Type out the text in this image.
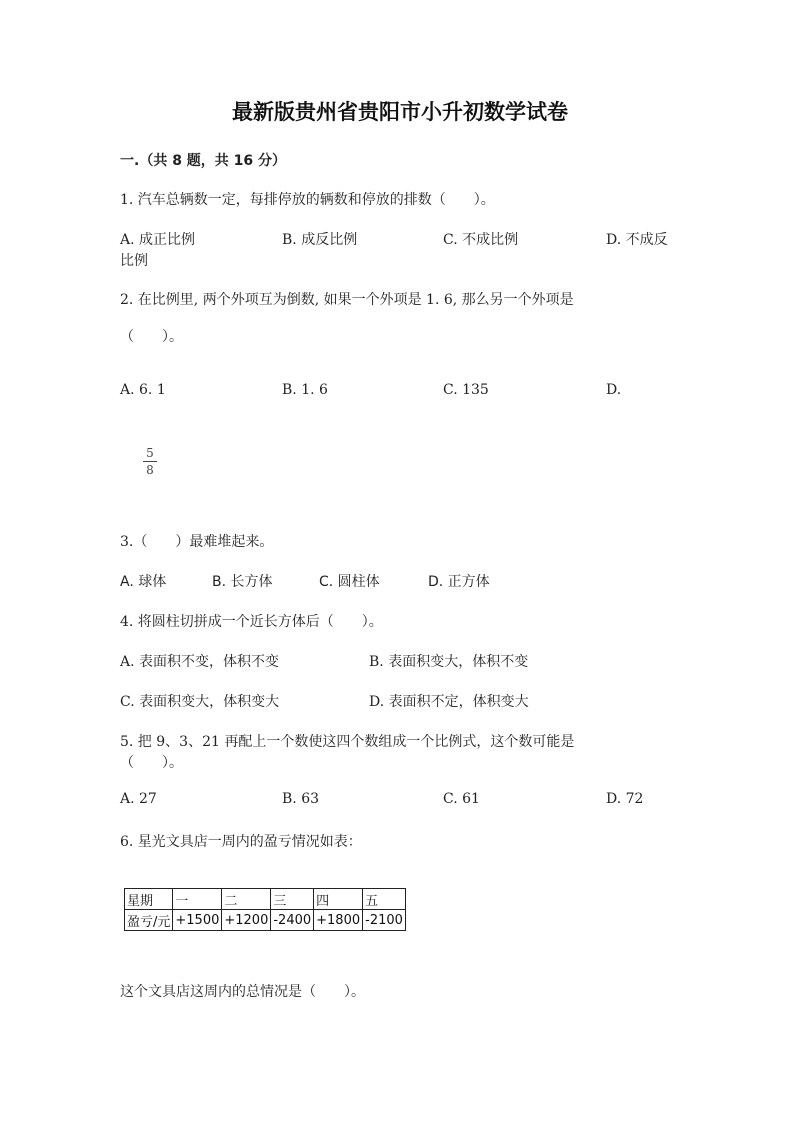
最新版贵州省贵阳市小升初数学试卷
一.（共 8 题，共 16 分）
1. 汽车总辆数一定，每排停放的辆数和停放的排数（　　）。
A. 成正比例	B. 成反比例	C. 不成比例	D. 不成反
比例
2. 在比例里, 两个外项互为倒数, 如果一个外项是 1. 6, 那么另一个外项是
（　　）。
A. 6. 1	B. 1. 6	C. 135	D.
5
8
3.（　　）最难堆起来。
A. 球体	B. 长方体	C. 圆柱体	D. 正方体
4. 将圆柱切拼成一个近长方体后（　　）。
A. 表面积不变，体积不变	B. 表面积变大，体积不变
C. 表面积变大，体积变大	D. 表面积不定，体积变大
5. 把 9、3、21 再配上一个数使这四个数组成一个比例式，这个数可能是
（　　）。
A. 27	B. 63	C. 61	D. 72
6. 星光文具店一周内的盈亏情况如表：
星期	一	二	三	四	五
盈亏/元	+1500	+1200	-2400	+1800	-2100
这个文具店这周内的总情况是（　　）。
